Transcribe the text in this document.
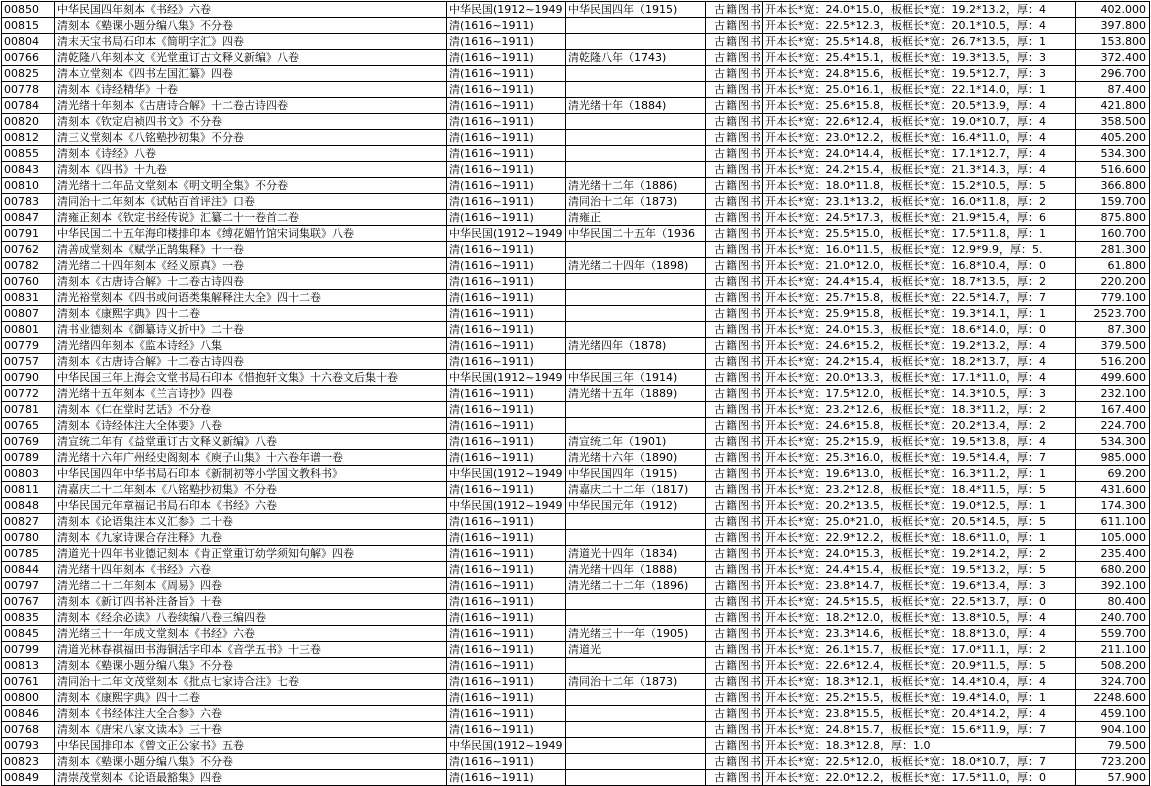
00850	中华民国四年刻本《书经》六卷	中华民国(1912~1949	中华民国四年（1915)	古籍图书	开本长*宽：24.0*15.0，板框长*宽：19.2*13.2，厚：4	402.000
00815	清刻本《塾课小题分编八集》不分卷	清(1616~1911)		古籍图书	开本长*宽：22.5*12.3，板框长*宽：20.1*10.5，厚：4	397.800
00804	清末天宝书局石印本《简明字汇》四卷	清(1616~1911)		古籍图书	开本长*宽：25.5*14.8，板框长*宽：26.7*13.5，厚：1	153.800
00766	清乾隆八年刻本文《光堂重订古文释义新编》八卷	清(1616~1911)	清乾隆八年（1743)	古籍图书	开本长*宽：25.4*15.1，板框长*宽：19.3*13.5，厚：3	372.400
00825	清本立堂刻本《四书左国汇纂》四卷	清(1616~1911)		古籍图书	开本长*宽：24.8*15.6，板框长*宽：19.5*12.7，厚：3	296.700
00778	清刻本《诗经精华》十卷	清(1616~1911)		古籍图书	开本长*宽：25.0*16.1，板框长*宽：22.1*14.0，厚：1	87.400
00784	清光绪十年刻本《古唐诗合解》十二卷古诗四卷	清(1616~1911)	清光绪十年（1884)	古籍图书	开本长*宽：25.6*15.8，板框长*宽：20.5*13.9，厚：4	421.800
00820	清刻本《钦定启祯四书文》不分卷	清(1616~1911)		古籍图书	开本长*宽：22.6*12.4，板框长*宽：19.0*10.7，厚：4	358.500
00812	清三义堂刻本《八铭塾抄初集》不分卷	清(1616~1911)		古籍图书	开本长*宽：23.0*12.2，板框长*宽：16.4*11.0，厚：4	405.200
00855	清刻本《诗经》八卷	清(1616~1911)		古籍图书	开本长*宽：24.0*14.4，板框长*宽：17.1*12.7，厚：4	534.300
00843	清刻本《四书》十九卷	清(1616~1911)		古籍图书	开本长*宽：24.2*15.4，板框长*宽：21.3*14.3，厚：4	516.600
00810	清光绪十二年品文堂刻本《明文明全集》不分卷	清(1616~1911)	清光绪十二年（1886)	古籍图书	开本长*宽：18.0*11.8，板框长*宽：15.2*10.5，厚：5	366.800
00783	清同治十二年刻本《试帖百首评注》口卷	清(1616~1911)	清同治十二年（1873)	古籍图书	开本长*宽：23.1*13.2，板框长*宽：16.0*11.8，厚：2	159.700
00847	清雍正刻本《钦定书经传说》汇纂二十一卷首二卷	清(1616~1911)	清雍正	古籍图书	开本长*宽：24.5*17.3，板框长*宽：21.9*15.4，厚：6	875.800
00791	中华民国二十五年海印楼排印本《缚花媚竹馆宋词集联》八卷	中华民国(1912~1949	中华民国二十五年（1936	古籍图书	开本长*宽：25.5*15.0，板框长*宽：17.5*11.8，厚：1	160.700
00762	清善成堂刻本《赋学正鹄集释》十一卷	清(1616~1911)		古籍图书	开本长*宽：16.0*11.5，板框长*宽：12.9*9.9，厚：5.	281.300
00782	清光绪二十四年刻本《经义原真》一卷	清(1616~1911)	清光绪二十四年（1898)	古籍图书	开本长*宽：21.0*12.0，板框长*宽：16.8*10.4，厚：0	61.800
00760	清刻本《古唐诗合解》十二卷古诗四卷	清(1616~1911)		古籍图书	开本长*宽：24.4*15.4，板框长*宽：18.7*13.5，厚：2	220.200
00831	清光裕堂刻本《四书或问语类集解释注大全》四十二卷	清(1616~1911)		古籍图书	开本长*宽：25.7*15.8，板框长*宽：22.5*14.7，厚：7	779.100
00807	清刻本《康熙字典》四十二卷	清(1616~1911)		古籍图书	开本长*宽：25.9*15.8，板框长*宽：19.3*14.1，厚：1	2523.700
00801	清书业德刻本《御纂诗义折中》二十卷	清(1616~1911)		古籍图书	开本长*宽：24.0*15.3，板框长*宽：18.6*14.0，厚：0	87.300
00779	清光绪四年刻本《监本诗经》八集	清(1616~1911)	清光绪四年（1878)	古籍图书	开本长*宽：24.6*15.2，板框长*宽：19.2*13.2，厚：4	379.500
00757	清刻本《古唐诗合解》十二卷古诗四卷	清(1616~1911)		古籍图书	开本长*宽：24.2*15.4，板框长*宽：18.2*13.7，厚：4	516.200
00790	中华民国三年上海会文堂书局石印本《惜抱轩文集》十六卷文后集十卷	中华民国(1912~1949	中华民国三年（1914)	古籍图书	开本长*宽：20.0*13.3，板框长*宽：17.1*11.0，厚：4	499.600
00772	清光绪十五年刻本《兰言诗抄》四卷	清(1616~1911)	清光绪十五年（1889)	古籍图书	开本长*宽：17.5*12.0，板框长*宽：14.3*10.5，厚：3	232.100
00781	清刻本《仁在堂时艺话》不分卷	清(1616~1911)		古籍图书	开本长*宽：23.2*12.6，板框长*宽：18.3*11.2，厚：2	167.400
00765	清刻本《诗经体注大全体要》八卷	清(1616~1911)		古籍图书	开本长*宽：24.6*15.8，板框长*宽：20.2*13.4，厚：2	224.700
00769	清宣统二年有《益堂重订古文释义新编》八卷	清(1616~1911)	清宣统二年（1901)	古籍图书	开本长*宽：25.2*15.9，板框长*宽：19.5*13.8，厚：4	534.300
00789	清光绪十六年广州经史阁刻本《庾子山集》十六卷年谱一卷	清(1616~1911)	清光绪十六年（1890)	古籍图书	开本长*宽：25.3*16.0，板框长*宽：19.5*14.4，厚：7	985.000
00803	中华民国四年中华书局石印本《新制初等小学国文教科书》	中华民国(1912~1949	中华民国四年（1915)	古籍图书	开本长*宽：19.6*13.0，板框长*宽：16.3*11.2，厚：1	69.200
00811	清嘉庆二十二年刻本《八铭塾抄初集》不分卷	清(1616~1911)	清嘉庆二十二年（1817)	古籍图书	开本长*宽：23.2*12.8，板框长*宽：18.4*11.5，厚：5	431.600
00848	中华民国元年章福记书局石印本《书经》六卷	中华民国(1912~1949	中华民国元年（1912)	古籍图书	开本长*宽：20.2*13.5，板框长*宽：19.0*12.5，厚：1	174.300
00827	清刻本《论语集注本义汇参》二十卷	清(1616~1911)		古籍图书	开本长*宽：25.0*21.0，板框长*宽：20.5*14.5，厚：5	611.100
00780	清刻本《九家诗课合存注释》九卷	清(1616~1911)		古籍图书	开本长*宽：22.9*12.2，板框长*宽：18.6*11.0，厚：1	105.000
00785	清道光十四年书业德记刻本《肯正堂重订幼学须知句解》四卷	清(1616~1911)	清道光十四年（1834)	古籍图书	开本长*宽：24.0*15.3，板框长*宽：19.2*14.2，厚：2	235.400
00844	清光绪十四年刻本《书经》六卷	清(1616~1911)	清光绪十四年（1888)	古籍图书	开本长*宽：24.4*15.4，板框长*宽：19.5*13.2，厚：5	680.200
00797	清光绪二十二年刻本《周易》四卷	清(1616~1911)	清光绪二十二年（1896)	古籍图书	开本长*宽：23.8*14.7，板框长*宽：19.6*13.4，厚：3	392.100
00767	清刻本《新订四书补注备旨》十卷	清(1616~1911)		古籍图书	开本长*宽：24.5*15.5，板框长*宽：22.5*13.7，厚：0	80.400
00835	清刻本《经余必读》八卷续编八卷三编四卷	清(1616~1911)		古籍图书	开本长*宽：18.2*12.0，板框长*宽：13.8*10.5，厚：4	240.700
00845	清光绪三十一年成文堂刻本《书经》六卷	清(1616~1911)	清光绪三十一年（1905)	古籍图书	开本长*宽：23.3*14.6，板框长*宽：18.8*13.0，厚：4	559.700
00799	清道光林春祺福田书海铜活字印本《音学五书》十三卷	清(1616~1911)	清道光	古籍图书	开本长*宽：26.1*15.7，板框长*宽：17.0*11.1，厚：2	211.100
00813	清刻本《塾课小题分编八集》不分卷	清(1616~1911)		古籍图书	开本长*宽：22.6*12.4，板框长*宽：20.9*11.5，厚：5	508.200
00761	清同治十二年文茂堂刻本《批点七家诗合注》七卷	清(1616~1911)	清同治十二年（1873)	古籍图书	开本长*宽：18.3*12.1，板框长*宽：14.4*10.4，厚：4	324.700
00800	清刻本《康熙字典》四十二卷	清(1616~1911)		古籍图书	开本长*宽：25.2*15.5，板框长*宽：19.4*14.0，厚：1	2248.600
00846	清刻本《书经体注大全合参》六卷	清(1616~1911)		古籍图书	开本长*宽：23.8*15.5，板框长*宽：20.4*14.2，厚：4	459.100
00768	清刻本《唐宋八家文读本》三十卷	清(1616~1911)		古籍图书	开本长*宽：24.8*15.7，板框长*宽：15.6*11.9，厚：7	904.100
00793	中华民国排印本《曾文正公家书》五卷	中华民国(1912~1949		古籍图书	开本长*宽：18.3*12.8，厚：1.0	79.500
00823	清刻本《塾课小题分编八集》不分卷	清(1616~1911)		古籍图书	开本长*宽：22.5*12.0，板框长*宽：18.0*10.7，厚：7	723.200
00849	清崇茂堂刻本《论语最豁集》四卷	清(1616~1911)		古籍图书	开本长*宽：22.0*12.2，板框长*宽：17.5*11.0，厚：0	57.900
